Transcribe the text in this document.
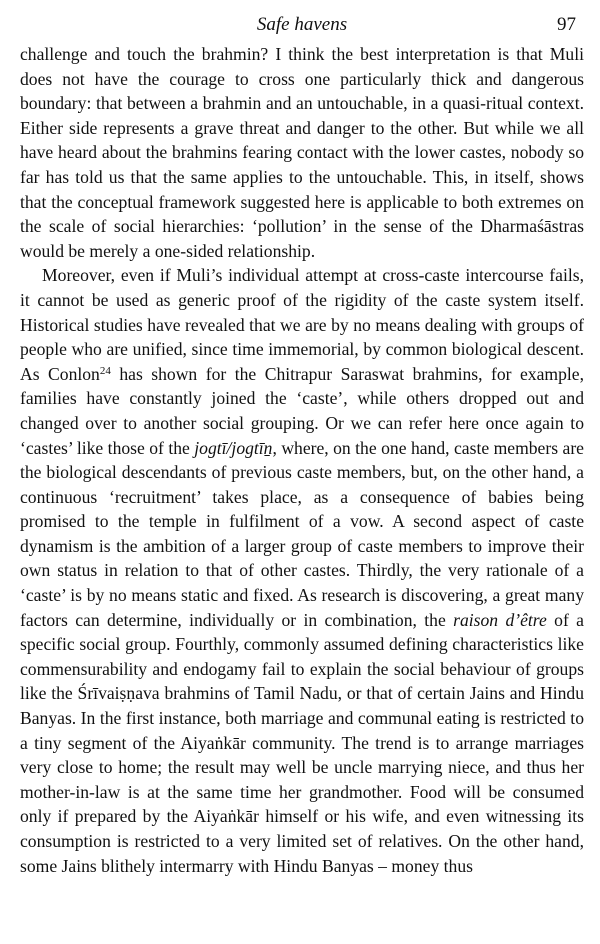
Safe havens	97

challenge and touch the brahmin? I think the best interpretation is that Muli does not have the courage to cross one particularly thick and dangerous boundary: that between a brahmin and an untouchable, in a quasi-ritual context. Either side represents a grave threat and danger to the other. But while we all have heard about the brahmins fearing contact with the lower castes, nobody so far has told us that the same applies to the untouchable. This, in itself, shows that the conceptual framework suggested here is applicable to both extremes on the scale of social hierarchies: ‘pollution’ in the sense of the Dharmaśāstras would be merely a one-sided relationship.

Moreover, even if Muli’s individual attempt at cross-caste intercourse fails, it cannot be used as generic proof of the rigidity of the caste system itself. Historical studies have revealed that we are by no means dealing with groups of people who are unified, since time immemorial, by common biological descent. As Conlon$^{24}$ has shown for the Chitrapur Saraswat brahmins, for example, families have constantly joined the ‘caste’, while others dropped out and changed over to another social grouping. Or we can refer here once again to ‘castes’ like those of the jogtī/jogtīṉ, where, on the one hand, caste members are the biological descendants of previous caste members, but, on the other hand, a continuous ‘recruitment’ takes place, as a consequence of babies being promised to the temple in fulfilment of a vow. A second aspect of caste dynamism is the ambition of a larger group of caste members to improve their own status in relation to that of other castes. Thirdly, the very rationale of a ‘caste’ is by no means static and fixed. As research is discovering, a great many factors can determine, individually or in combination, the raison d’être of a specific social group. Fourthly, commonly assumed defining characteristics like commensurability and endogamy fail to explain the social behaviour of groups like the Śrīvaiṣṇava brahmins of Tamil Nadu, or that of certain Jains and Hindu Banyas. In the first instance, both marriage and communal eating is restricted to a tiny segment of the Aiyaṅkār community. The trend is to arrange marriages very close to home; the result may well be uncle marrying niece, and thus her mother-in-law is at the same time her grandmother. Food will be consumed only if prepared by the Aiyaṅkār himself or his wife, and even witnessing its consumption is restricted to a very limited set of relatives. On the other hand, some Jains blithely intermarry with Hindu Banyas – money thus
